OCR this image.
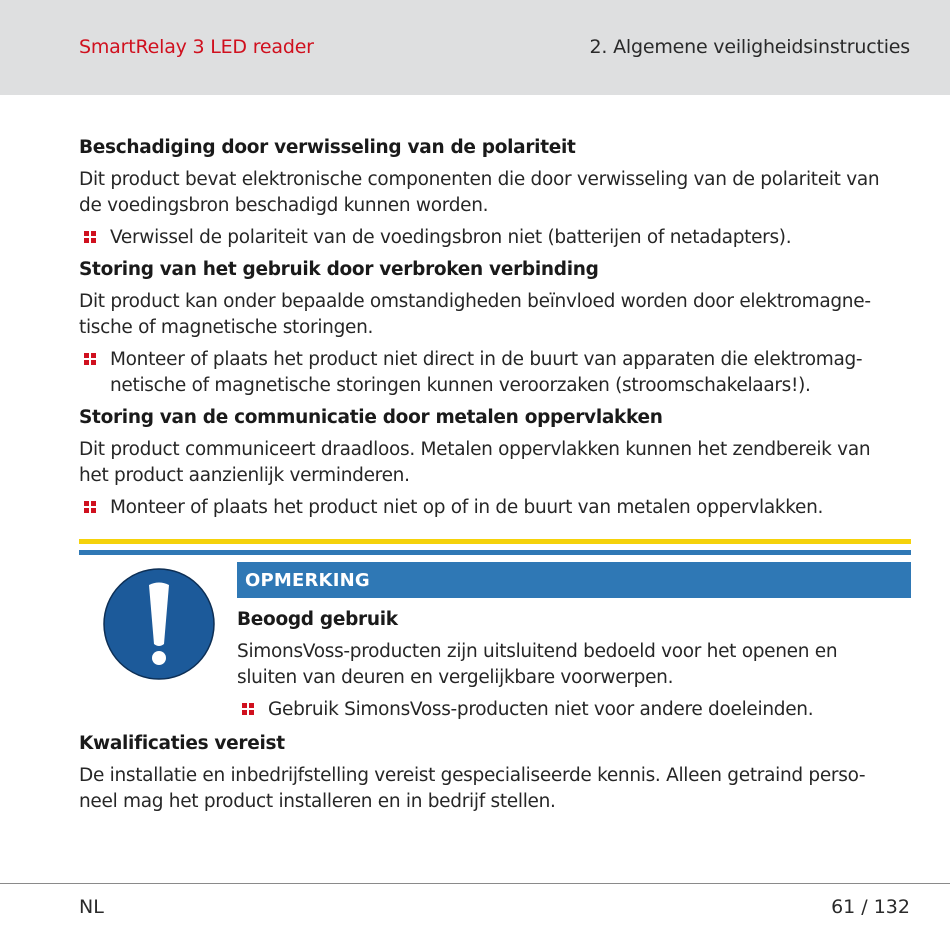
SmartRelay 3 LED reader	2. Algemene veiligheidsinstructies
Beschadiging door verwisseling van de polariteit
Dit product bevat elektronische componenten die door verwisseling van de polariteit van
de voedingsbron beschadigd kunnen worden.
Verwissel de polariteit van de voedingsbron niet (batterijen of netadapters).
Storing van het gebruik door verbroken verbinding
Dit product kan onder bepaalde omstandigheden beïnvloed worden door elektromagne-
tische of magnetische storingen.
Monteer of plaats het product niet direct in de buurt van apparaten die elektromag-
netische of magnetische storingen kunnen veroorzaken (stroomschakelaars!).
Storing van de communicatie door metalen oppervlakken
Dit product communiceert draadloos. Metalen oppervlakken kunnen het zendbereik van
het product aanzienlijk verminderen.
Monteer of plaats het product niet op of in de buurt van metalen oppervlakken.
OPMERKING
Beoogd gebruik
SimonsVoss-producten zijn uitsluitend bedoeld voor het openen en
sluiten van deuren en vergelijkbare voorwerpen.
Gebruik SimonsVoss-producten niet voor andere doeleinden.
Kwalificaties vereist
De installatie en inbedrijfstelling vereist gespecialiseerde kennis. Alleen getraind perso-
neel mag het product installeren en in bedrijf stellen.
NL	61 / 132
